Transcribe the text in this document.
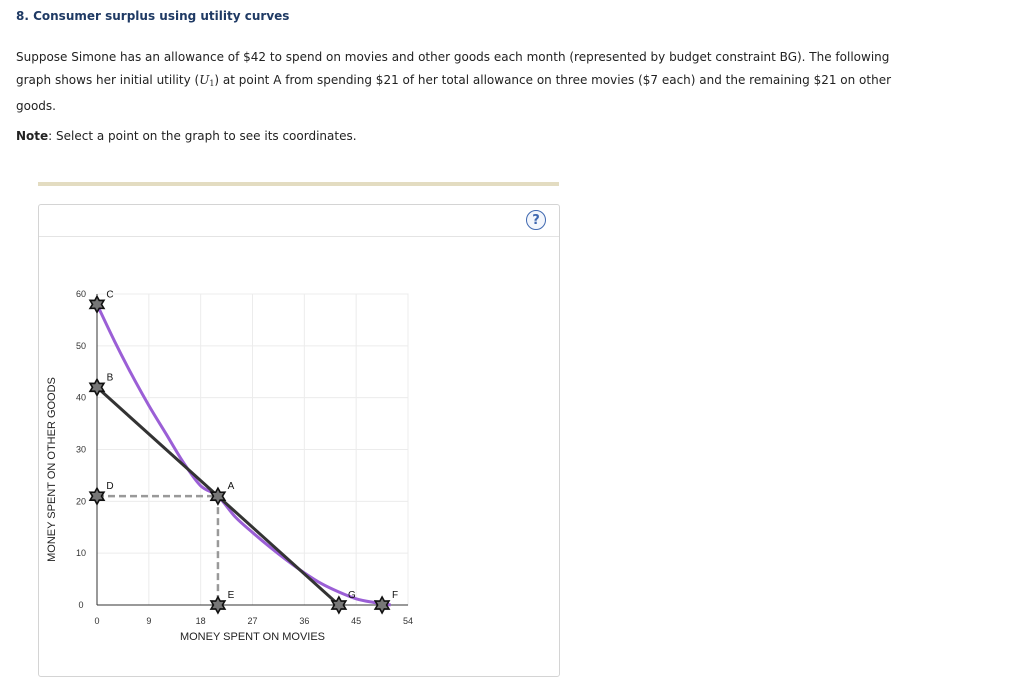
8. Consumer surplus using utility curves
Suppose Simone has an allowance of $42 to spend on movies and other goods each month (represented by budget constraint BG). The following graph shows her initial utility (U1) at point A from spending $21 of her total allowance on three movies ($7 each) and the remaining $21 on other goods.
Note: Select a point on the graph to see its coordinates.
?
C
B
D	A
E	G	F
0	9	18	27	36	45	54
0
10
20
30
40
50
60
MONEY SPENT ON MOVIES
MONEY SPENT ON OTHER GOODS
